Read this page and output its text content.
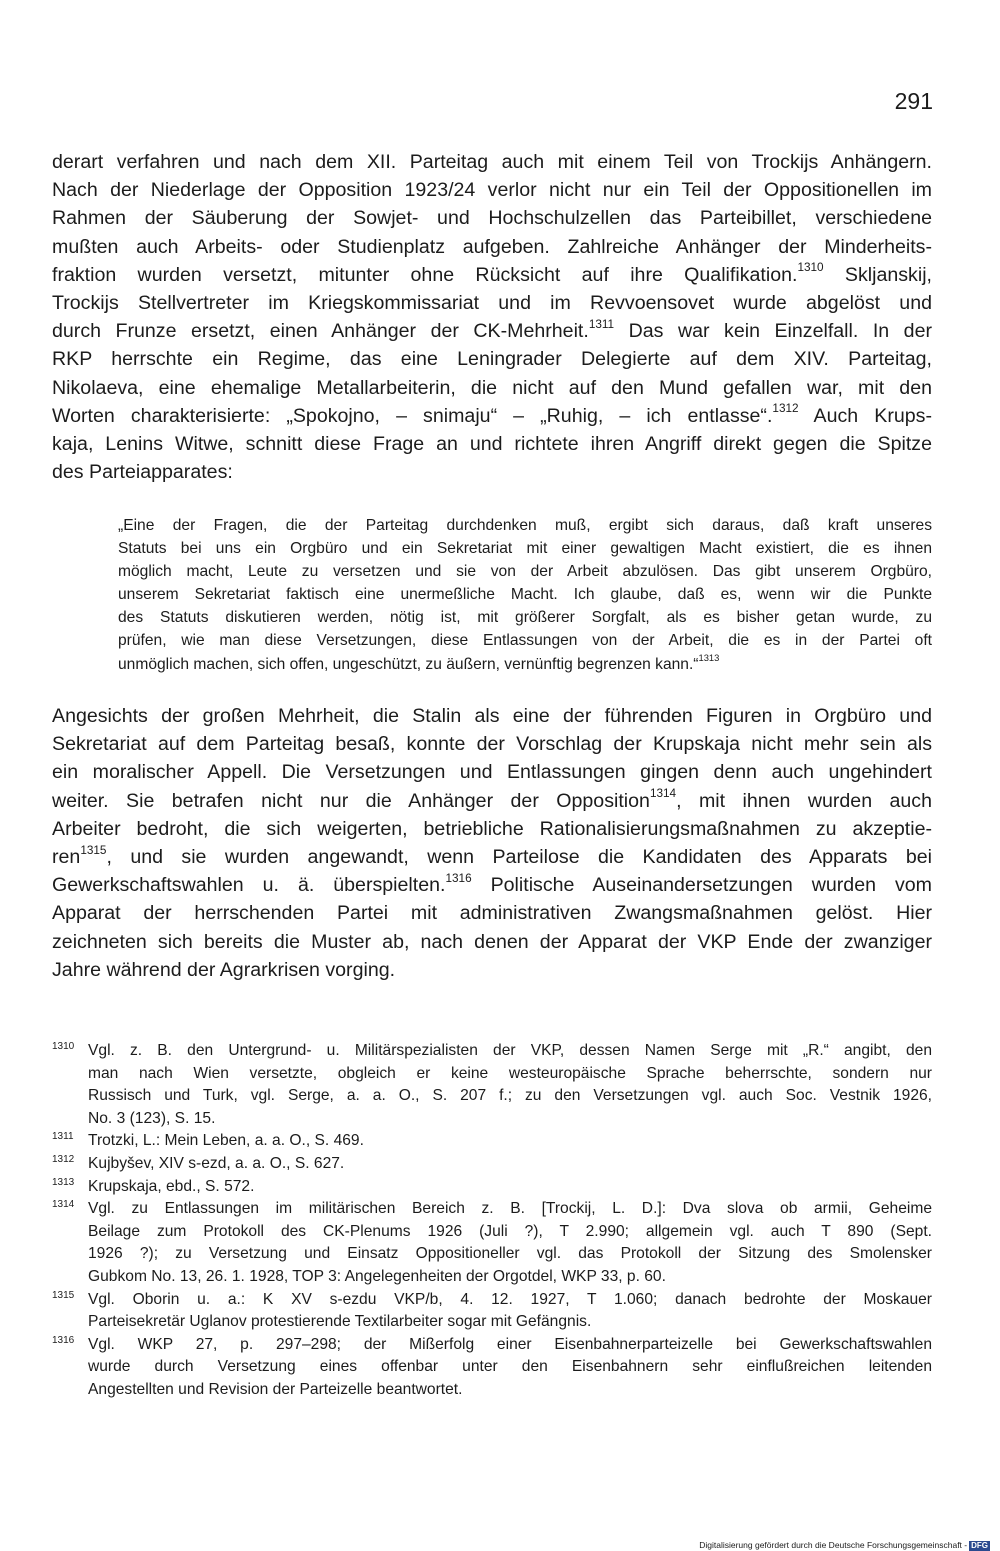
291
derart verfahren und nach dem XII. Parteitag auch mit einem Teil von Trockijs Anhängern.
Nach der Niederlage der Opposition 1923/24 verlor nicht nur ein Teil der Oppositionellen im
Rahmen der Säuberung der Sowjet- und Hochschulzellen das Parteibillet, verschiedene
mußten auch Arbeits- oder Studienplatz aufgeben. Zahlreiche Anhänger der Minderheits-
fraktion wurden versetzt, mitunter ohne Rücksicht auf ihre Qualifikation.$^{1310}$ Skljanskij,
Trockijs Stellvertreter im Kriegskommissariat und im Revvoensovet wurde abgelöst und
durch Frunze ersetzt, einen Anhänger der CK-Mehrheit.$^{1311}$ Das war kein Einzelfall. In der
RKP herrschte ein Regime, das eine Leningrader Delegierte auf dem XIV. Parteitag,
Nikolaeva, eine ehemalige Metallarbeiterin, die nicht auf den Mund gefallen war, mit den
Worten charakterisierte: „Spokojno, – snimaju“ – „Ruhig, – ich entlasse“.$^{1312}$ Auch Krups-
kaja, Lenins Witwe, schnitt diese Frage an und richtete ihren Angriff direkt gegen die Spitze
des Parteiapparates:
„Eine der Fragen, die der Parteitag durchdenken muß, ergibt sich daraus, daß kraft unseres
Statuts bei uns ein Orgbüro und ein Sekretariat mit einer gewaltigen Macht existiert, die es ihnen
möglich macht, Leute zu versetzen und sie von der Arbeit abzulösen. Das gibt unserem Orgbüro,
unserem Sekretariat faktisch eine unermeßliche Macht. Ich glaube, daß es, wenn wir die Punkte
des Statuts diskutieren werden, nötig ist, mit größerer Sorgfalt, als es bisher getan wurde, zu
prüfen, wie man diese Versetzungen, diese Entlassungen von der Arbeit, die es in der Partei oft
unmöglich machen, sich offen, ungeschützt, zu äußern, vernünftig begrenzen kann.“$^{1313}$
Angesichts der großen Mehrheit, die Stalin als eine der führenden Figuren in Orgbüro und
Sekretariat auf dem Parteitag besaß, konnte der Vorschlag der Krupskaja nicht mehr sein als
ein moralischer Appell. Die Versetzungen und Entlassungen gingen denn auch ungehindert
weiter. Sie betrafen nicht nur die Anhänger der Opposition$^{1314}$, mit ihnen wurden auch
Arbeiter bedroht, die sich weigerten, betriebliche Rationalisierungsmaßnahmen zu akzeptie-
ren$^{1315}$, und sie wurden angewandt, wenn Parteilose die Kandidaten des Apparats bei
Gewerkschaftswahlen u. ä. überspielten.$^{1316}$ Politische Auseinandersetzungen wurden vom
Apparat der herrschenden Partei mit administrativen Zwangsmaßnahmen gelöst. Hier
zeichneten sich bereits die Muster ab, nach denen der Apparat der VKP Ende der zwanziger
Jahre während der Agrarkrisen vorging.
1310 Vgl. z. B. den Untergrund- u. Militärspezialisten der VKP, dessen Namen Serge mit „R.“ angibt, den
man nach Wien versetzte, obgleich er keine westeuropäische Sprache beherrschte, sondern nur
Russisch und Turk, vgl. Serge, a. a. O., S. 207 f.; zu den Versetzungen vgl. auch Soc. Vestnik 1926,
No. 3 (123), S. 15.
1311 Trotzki, L.: Mein Leben, a. a. O., S. 469.
1312 Kujbyšev, XIV s-ezd, a. a. O., S. 627.
1313 Krupskaja, ebd., S. 572.
1314 Vgl. zu Entlassungen im militärischen Bereich z. B. [Trockij, L. D.]: Dva slova ob armii, Geheime
Beilage zum Protokoll des CK-Plenums 1926 (Juli ?), T 2.990; allgemein vgl. auch T 890 (Sept.
1926 ?); zu Versetzung und Einsatz Oppositioneller vgl. das Protokoll der Sitzung des Smolensker
Gubkom No. 13, 26. 1. 1928, TOP 3: Angelegenheiten der Orgotdel, WKP 33, p. 60.
1315 Vgl. Oborin u. a.: K XV s-ezdu VKP/b, 4. 12. 1927, T 1.060; danach bedrohte der Moskauer
Parteisekretär Uglanov protestierende Textilarbeiter sogar mit Gefängnis.
1316 Vgl. WKP 27, p. 297–298; der Mißerfolg einer Eisenbahnerparteizelle bei Gewerkschaftswahlen
wurde durch Versetzung eines offenbar unter den Eisenbahnern sehr einflußreichen leitenden
Angestellten und Revision der Parteizelle beantwortet.
Digitalisierung gefördert durch die Deutsche Forschungsgemeinschaft - DFG
